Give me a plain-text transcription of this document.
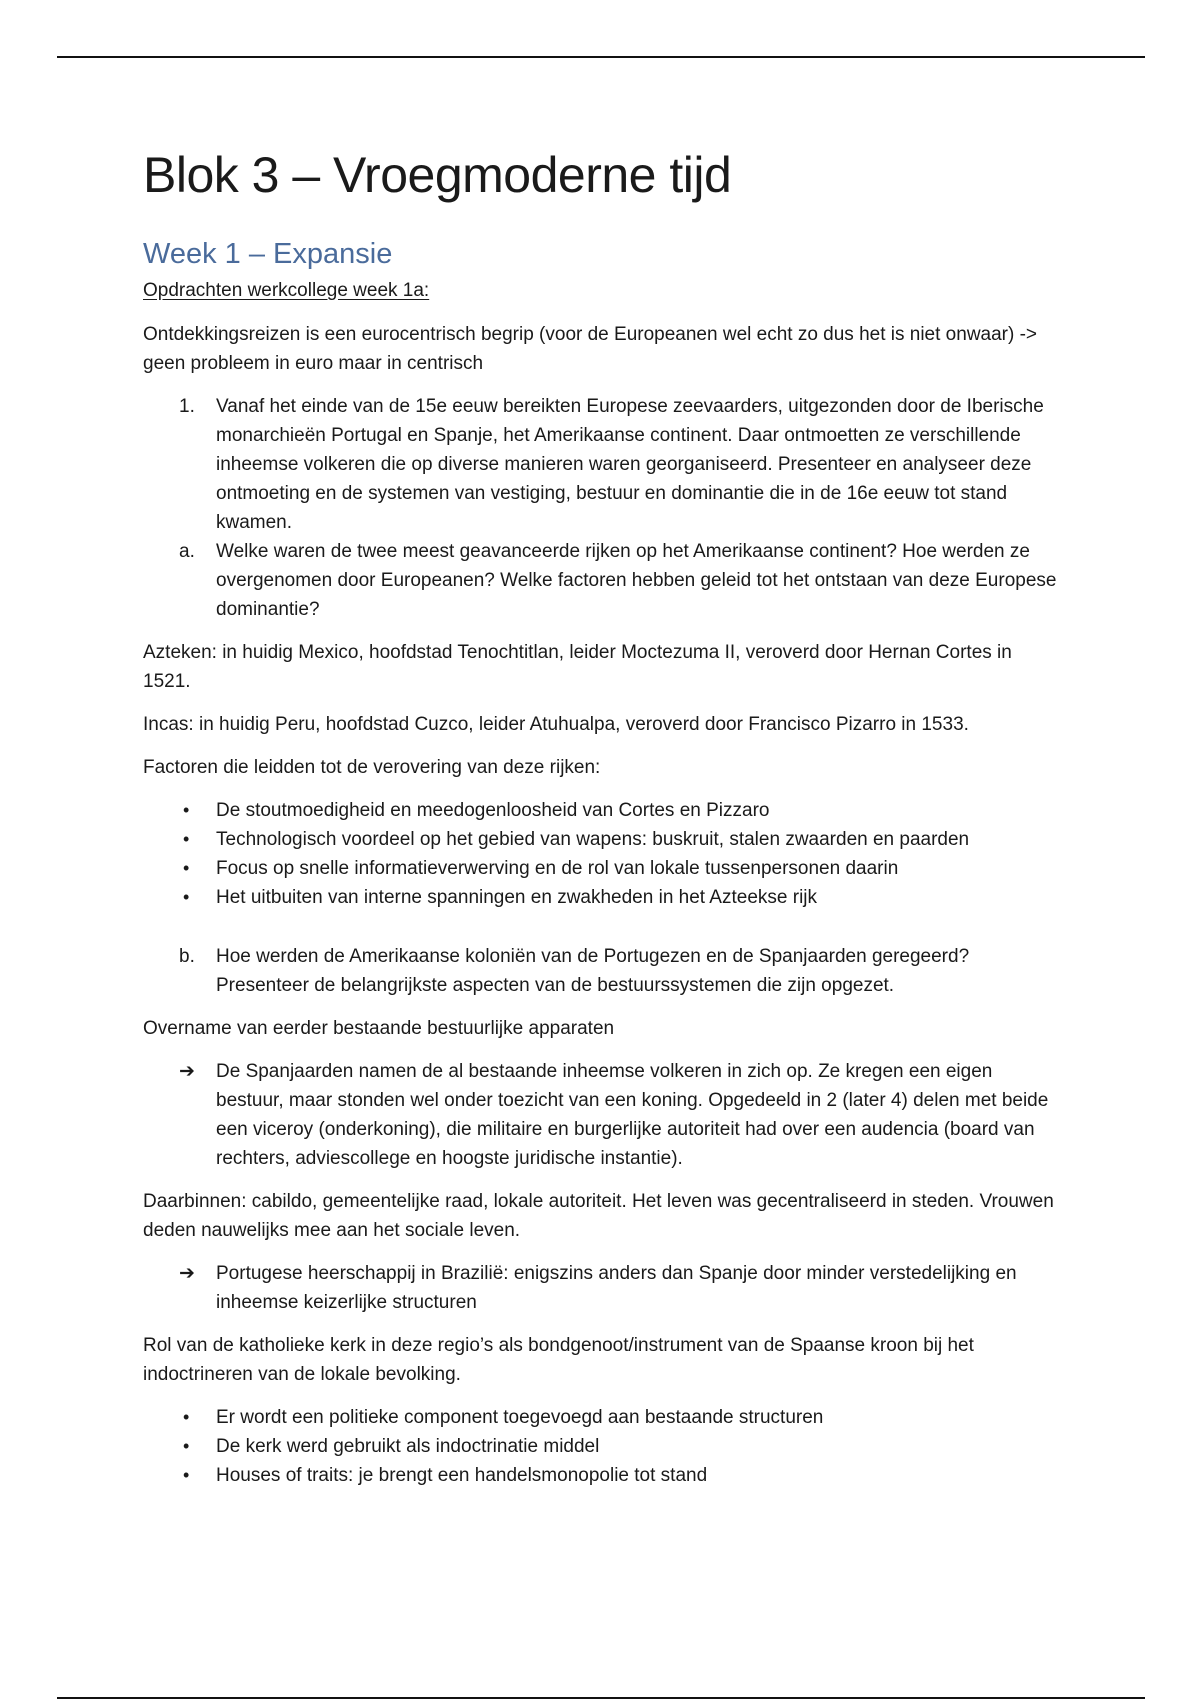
Blok 3 – Vroegmoderne tijd
Week 1 – Expansie
Opdrachten werkcollege week 1a:

Ontdekkingsreizen is een eurocentrisch begrip (voor de Europeanen wel echt zo dus het is niet onwaar) -> geen probleem in euro maar in centrisch

1. Vanaf het einde van de 15e eeuw bereikten Europese zeevaarders, uitgezonden door de Iberische monarchieën Portugal en Spanje, het Amerikaanse continent. Daar ontmoetten ze verschillende inheemse volkeren die op diverse manieren waren georganiseerd. Presenteer en analyseer deze ontmoeting en de systemen van vestiging, bestuur en dominantie die in de 16e eeuw tot stand kwamen.
a. Welke waren de twee meest geavanceerde rijken op het Amerikaanse continent? Hoe werden ze overgenomen door Europeanen? Welke factoren hebben geleid tot het ontstaan van deze Europese dominantie?

Azteken: in huidig Mexico, hoofdstad Tenochtitlan, leider Moctezuma II, veroverd door Hernan Cortes in 1521.

Incas: in huidig Peru, hoofdstad Cuzco, leider Atuhualpa, veroverd door Francisco Pizarro in 1533.

Factoren die leidden tot de verovering van deze rijken:

• De stoutmoedigheid en meedogenloosheid van Cortes en Pizzaro
• Technologisch voordeel op het gebied van wapens: buskruit, stalen zwaarden en paarden
• Focus op snelle informatieverwerving en de rol van lokale tussenpersonen daarin
• Het uitbuiten van interne spanningen en zwakheden in het Azteekse rijk
b. Hoe werden de Amerikaanse koloniën van de Portugezen en de Spanjaarden geregeerd? Presenteer de belangrijkste aspecten van de bestuurssystemen die zijn opgezet.

Overname van eerder bestaande bestuurlijke apparaten

➔ De Spanjaarden namen de al bestaande inheemse volkeren in zich op. Ze kregen een eigen bestuur, maar stonden wel onder toezicht van een koning. Opgedeeld in 2 (later 4) delen met beide een viceroy (onderkoning), die militaire en burgerlijke autoriteit had over een audencia (board van rechters, adviescollege en hoogste juridische instantie).

Daarbinnen: cabildo, gemeentelijke raad, lokale autoriteit. Het leven was gecentraliseerd in steden. Vrouwen deden nauwelijks mee aan het sociale leven.

➔ Portugese heerschappij in Brazilië: enigszins anders dan Spanje door minder verstedelijking en inheemse keizerlijke structuren

Rol van de katholieke kerk in deze regio’s als bondgenoot/instrument van de Spaanse kroon bij het indoctrineren van de lokale bevolking.

• Er wordt een politieke component toegevoegd aan bestaande structuren
• De kerk werd gebruikt als indoctrinatie middel
• Houses of traits: je brengt een handelsmonopolie tot stand
